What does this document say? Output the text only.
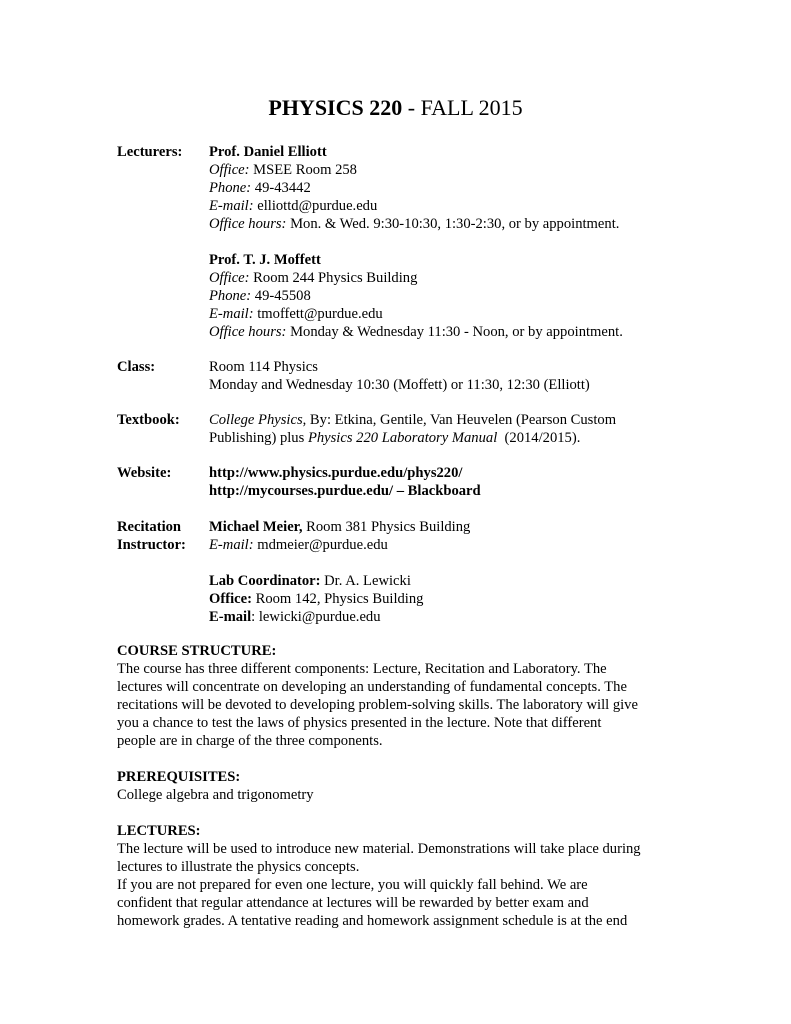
PHYSICS 220 - FALL 2015
Lecturers:	Prof. Daniel Elliott
Office: MSEE Room 258
Phone: 49-43442
E-mail: elliottd@purdue.edu
Office hours: Mon. & Wed. 9:30-10:30, 1:30-2:30, or by appointment.
Prof. T. J. Moffett
Office: Room 244 Physics Building
Phone: 49-45508
E-mail: tmoffett@purdue.edu
Office hours: Monday & Wednesday 11:30 - Noon, or by appointment.
Class:	Room 114 Physics
Monday and Wednesday 10:30 (Moffett) or 11:30, 12:30 (Elliott)
Textbook:	College Physics, By: Etkina, Gentile, Van Heuvelen (Pearson Custom
Publishing) plus Physics 220 Laboratory Manual  (2014/2015).
Website:	http://www.physics.purdue.edu/phys220/
http://mycourses.purdue.edu/ – Blackboard
Recitation
Instructor:
Michael Meier, Room 381 Physics Building
E-mail: mdmeier@purdue.edu
Lab Coordinator: Dr. A. Lewicki
Office: Room 142, Physics Building
E-mail: lewicki@purdue.edu
COURSE STRUCTURE:
The course has three different components: Lecture, Recitation and Laboratory. The
lectures will concentrate on developing an understanding of fundamental concepts. The
recitations will be devoted to developing problem-solving skills. The laboratory will give
you a chance to test the laws of physics presented in the lecture. Note that different
people are in charge of the three components.
PREREQUISITES:
College algebra and trigonometry
LECTURES:
The lecture will be used to introduce new material. Demonstrations will take place during
lectures to illustrate the physics concepts.
If you are not prepared for even one lecture, you will quickly fall behind. We are
confident that regular attendance at lectures will be rewarded by better exam and
homework grades. A tentative reading and homework assignment schedule is at the end
